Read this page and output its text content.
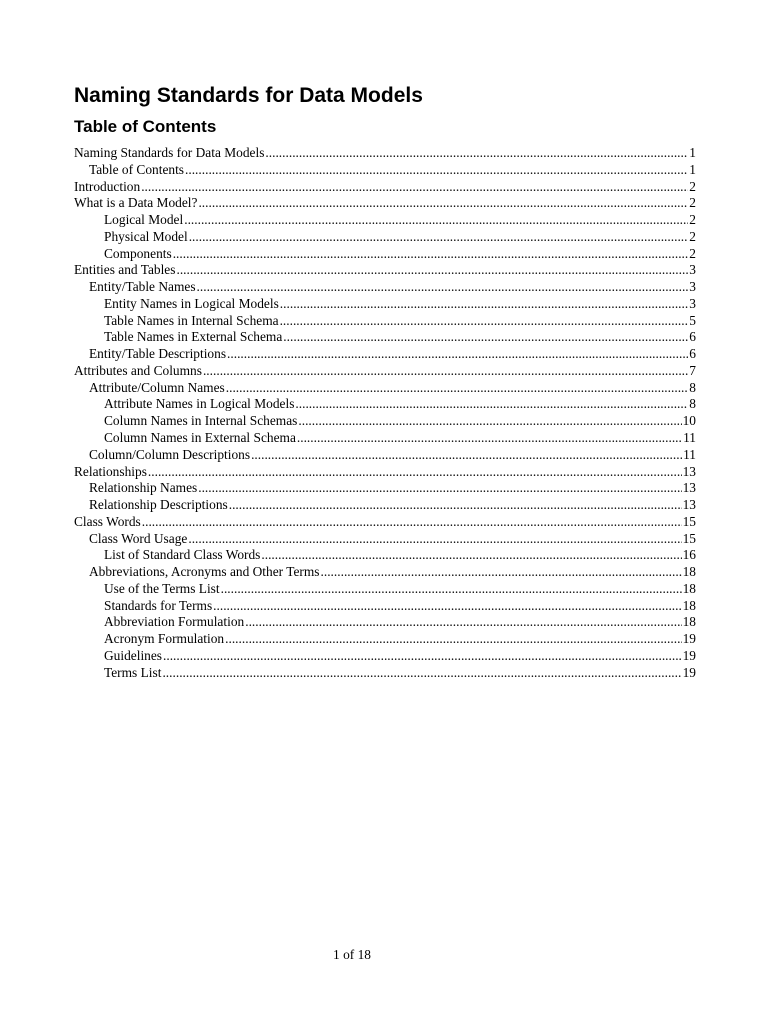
Naming Standards for Data Models
Table of Contents
Naming Standards for Data Models .....	1
Table of Contents .....	1
Introduction .....	2
What is a Data Model? .....	2
Logical Model .....	2
Physical Model .....	2
Components .....	2
Entities and Tables .....	3
Entity/Table Names .....	3
Entity Names in Logical Models .....	3
Table Names in Internal Schema .....	5
Table Names in External Schema .....	6
Entity/Table Descriptions .....	6
Attributes and Columns .....	7
Attribute/Column Names .....	8
Attribute Names in Logical Models .....	8
Column Names in Internal Schemas .....	10
Column Names in External Schema .....	11
Column/Column Descriptions .....	11
Relationships .....	13
Relationship Names .....	13
Relationship Descriptions .....	13
Class Words .....	15
Class Word Usage .....	15
List of Standard Class Words .....	16
Abbreviations, Acronyms and Other Terms .....	18
Use of the Terms List .....	18
Standards for Terms .....	18
Abbreviation Formulation .....	18
Acronym Formulation .....	19
Guidelines .....	19
Terms List .....	19
1 of 18
